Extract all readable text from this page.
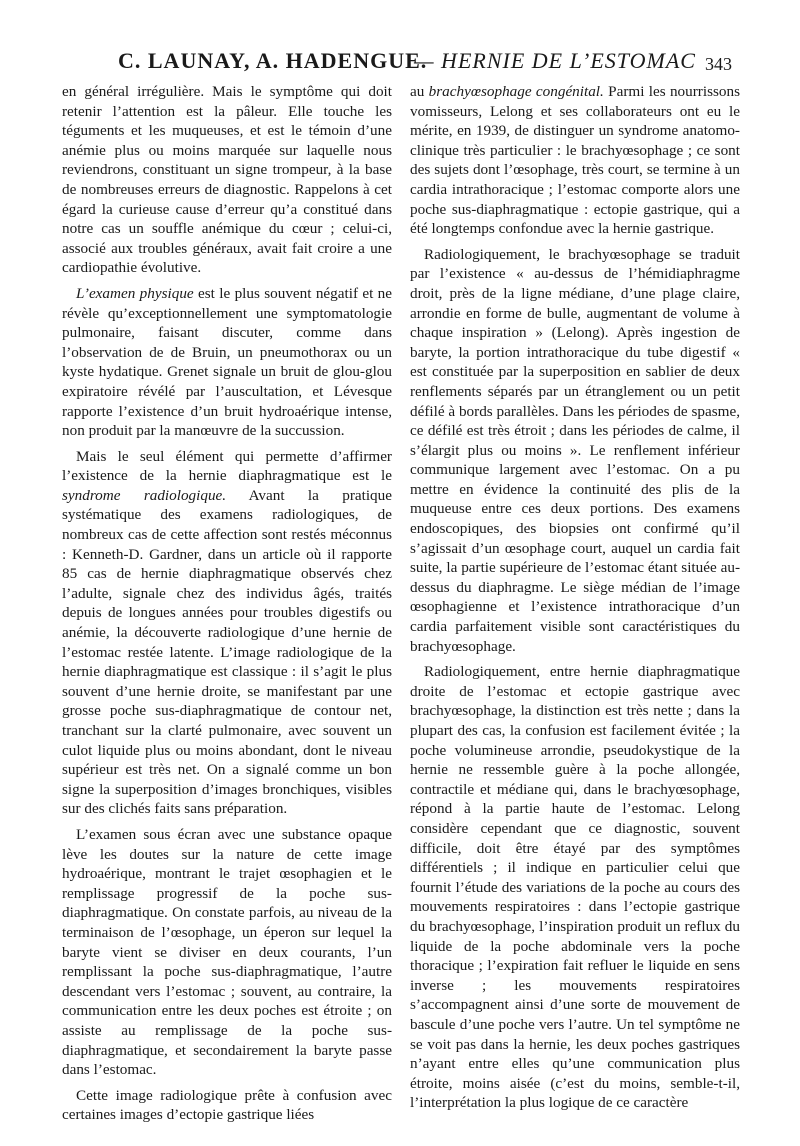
C. LAUNAY, A. HADENGUE.
— HERNIE DE L’ESTOMAC 343

en général irrégulière. Mais le symptôme qui doit retenir l’attention est la pâleur. Elle touche les téguments et les muqueuses, et est le témoin d’une anémie plus ou moins marquée sur laquelle nous reviendrons, constituant un signe trompeur, à la base de nombreuses erreurs de diagnostic. Rappelons à cet égard la curieuse cause d’erreur qu’a constitué dans notre cas un souffle anémique du cœur ; celui-ci, associé aux troubles généraux, avait fait croire a une cardiopathie évolutive.

L’examen physique est le plus souvent négatif et ne révèle qu’exceptionnellement une symptomatologie pulmonaire, faisant discuter, comme dans l’observation de de Bruin, un pneumothorax ou un kyste hydatique. Grenet signale un bruit de glou-glou expiratoire révélé par l’auscultation, et Lévesque rapporte l’existence d’un bruit hydroaérique intense, non produit par la manœuvre de la succussion.

Mais le seul élément qui permette d’affirmer l’existence de la hernie diaphragmatique est le syndrome radiologique. Avant la pratique systématique des examens radiologiques, de nombreux cas de cette affection sont restés méconnus : Kenneth-D. Gardner, dans un article où il rapporte 85 cas de hernie diaphragmatique observés chez l’adulte, signale chez des individus âgés, traités depuis de longues années pour troubles digestifs ou anémie, la découverte radiologique d’une hernie de l’estomac restée latente. L’image radiologique de la hernie diaphragmatique est classique : il s’agit le plus souvent d’une hernie droite, se manifestant par une grosse poche sus-diaphragmatique de contour net, tranchant sur la clarté pulmonaire, avec souvent un culot liquide plus ou moins abondant, dont le niveau supérieur est très net. On a signalé comme un bon signe la superposition d’images bronchiques, visibles sur des clichés faits sans préparation.

L’examen sous écran avec une substance opaque lève les doutes sur la nature de cette image hydroaérique, montrant le trajet œsophagien et le remplissage progressif de la poche sus-diaphragmatique. On constate parfois, au niveau de la terminaison de l’œsophage, un éperon sur lequel la baryte vient se diviser en deux courants, l’un remplissant la poche sus-diaphragmatique, l’autre descendant vers l’estomac ; souvent, au contraire, la communication entre les deux poches est étroite ; on assiste au remplissage de la poche sus-diaphragmatique, et secondairement la baryte passe dans l’estomac.

Cette image radiologique prête à confusion avec certaines images d’ectopie gastrique liées

au brachyœsophage congénital. Parmi les nourrissons vomisseurs, Lelong et ses collaborateurs ont eu le mérite, en 1939, de distinguer un syndrome anatomo-clinique très particulier : le brachyœsophage ; ce sont des sujets dont l’œsophage, très court, se termine à un cardia intrathoracique ; l’estomac comporte alors une poche sus-diaphragmatique : ectopie gastrique, qui a été longtemps confondue avec la hernie gastrique.

Radiologiquement, le brachyœsophage se traduit par l’existence « au-dessus de l’hémidiaphragme droit, près de la ligne médiane, d’une plage claire, arrondie en forme de bulle, augmentant de volume à chaque inspiration » (Lelong). Après ingestion de baryte, la portion intrathoracique du tube digestif « est constituée par la superposition en sablier de deux renflements séparés par un étranglement ou un petit défilé à bords parallèles. Dans les périodes de spasme, ce défilé est très étroit ; dans les périodes de calme, il s’élargit plus ou moins ». Le renflement inférieur communique largement avec l’estomac. On a pu mettre en évidence la continuité des plis de la muqueuse entre ces deux portions. Des examens endoscopiques, des biopsies ont confirmé qu’il s’agissait d’un œsophage court, auquel un cardia fait suite, la partie supérieure de l’estomac étant située au-dessus du diaphragme. Le siège médian de l’image œsophagienne et l’existence intrathoracique d’un cardia parfaitement visible sont caractéristiques du brachyœsophage.

Radiologiquement, entre hernie diaphragmatique droite de l’estomac et ectopie gastrique avec brachyœsophage, la distinction est très nette ; dans la plupart des cas, la confusion est facilement évitée ; la poche volumineuse arrondie, pseudokystique de la hernie ne ressemble guère à la poche allongée, contractile et médiane qui, dans le brachyœsophage, répond à la partie haute de l’estomac. Lelong considère cependant que ce diagnostic, souvent difficile, doit être étayé par des symptômes différentiels ; il indique en particulier celui que fournit l’étude des variations de la poche au cours des mouvements respiratoires : dans l’ectopie gastrique du brachyœsophage, l’inspiration produit un reflux du liquide de la poche abdominale vers la poche thoracique ; l’expiration fait refluer le liquide en sens inverse ; les mouvements respiratoires s’accompagnent ainsi d’une sorte de mouvement de bascule d’une poche vers l’autre. Un tel symptôme ne se voit pas dans la hernie, les deux poches gastriques n’ayant entre elles qu’une communication plus étroite, moins aisée (c’est du moins, semble-t-il, l’interprétation la plus logique de ce caractère
